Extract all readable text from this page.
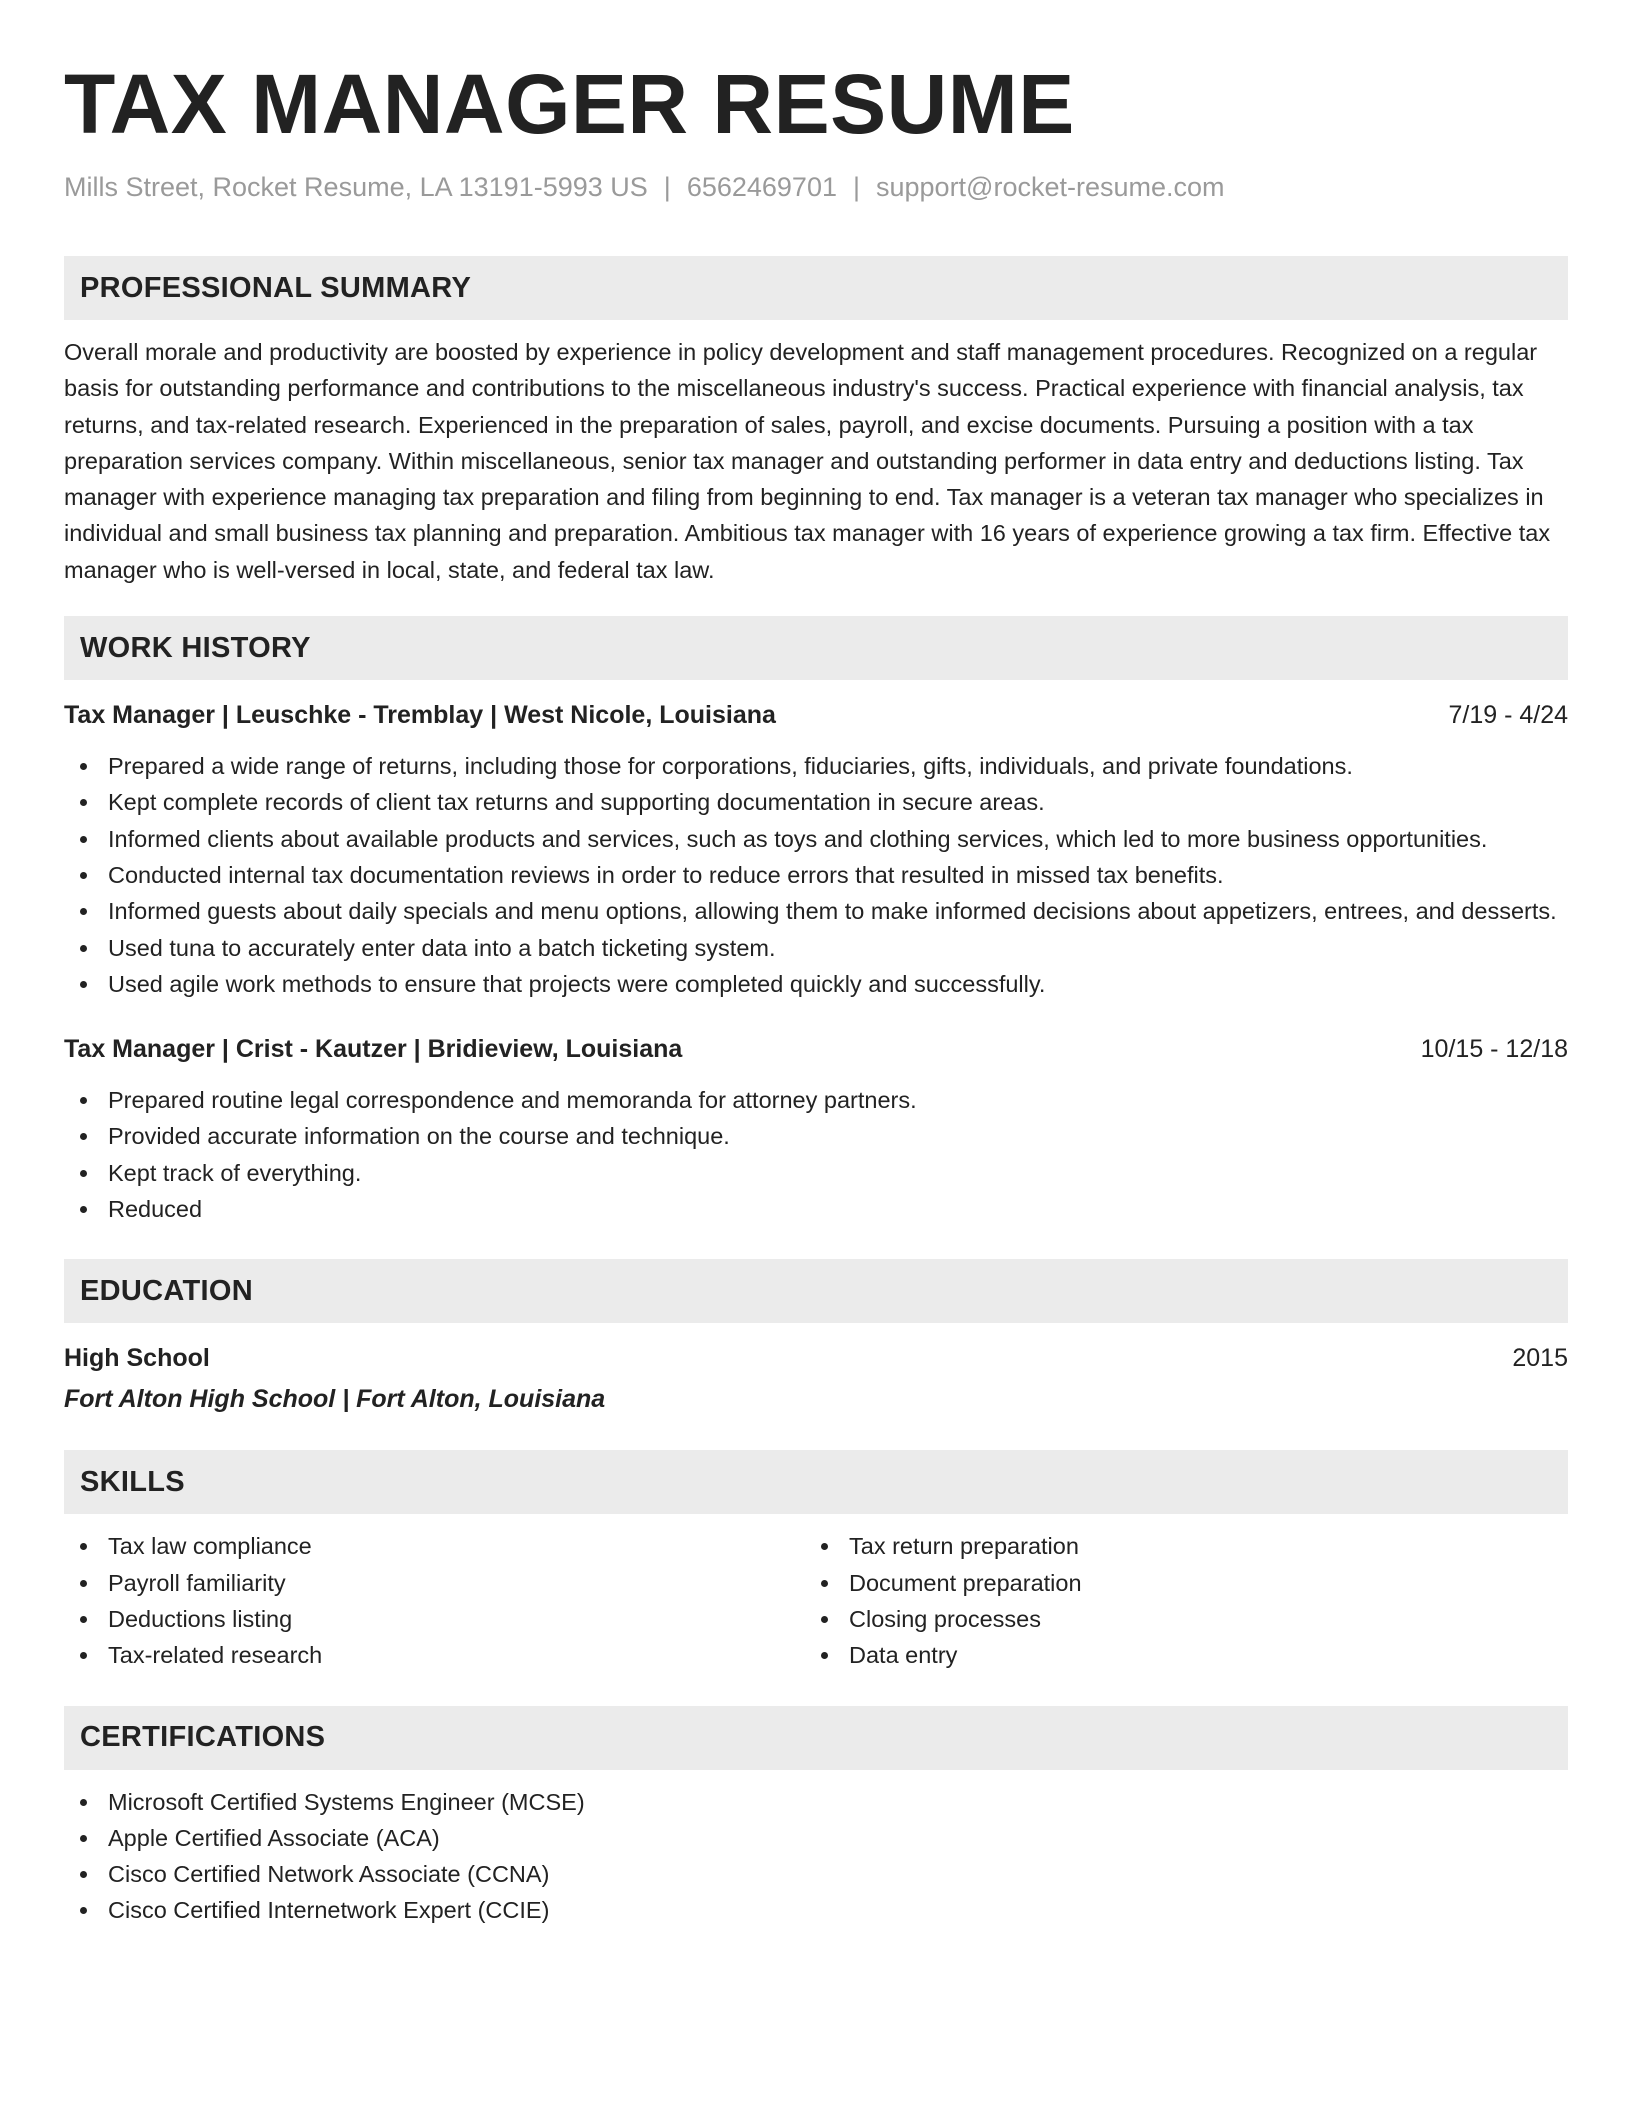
TAX MANAGER RESUME
Mills Street, Rocket Resume, LA 13191-5993 US | 6562469701 | support@rocket-resume.com
PROFESSIONAL SUMMARY

Overall morale and productivity are boosted by experience in policy development and staff management procedures. Recognized on a regular basis for outstanding performance and contributions to the miscellaneous industry's success. Practical experience with financial analysis, tax returns, and tax-related research. Experienced in the preparation of sales, payroll, and excise documents. Pursuing a position with a tax preparation services company. Within miscellaneous, senior tax manager and outstanding performer in data entry and deductions listing. Tax manager with experience managing tax preparation and filing from beginning to end. Tax manager is a veteran tax manager who specializes in individual and small business tax planning and preparation. Ambitious tax manager with 16 years of experience growing a tax firm. Effective tax manager who is well-versed in local, state, and federal tax law.

WORK HISTORY
Tax Manager | Leuschke - Tremblay | West Nicole, Louisiana	7/19 - 4/24
Prepared a wide range of returns, including those for corporations, fiduciaries, gifts, individuals, and private foundations.
Kept complete records of client tax returns and supporting documentation in secure areas.
Informed clients about available products and services, such as toys and clothing services, which led to more business opportunities.
Conducted internal tax documentation reviews in order to reduce errors that resulted in missed tax benefits.
Informed guests about daily specials and menu options, allowing them to make informed decisions about appetizers, entrees, and desserts.
Used tuna to accurately enter data into a batch ticketing system.
Used agile work methods to ensure that projects were completed quickly and successfully.
Tax Manager | Crist - Kautzer | Bridieview, Louisiana	10/15 - 12/18
Prepared routine legal correspondence and memoranda for attorney partners.
Provided accurate information on the course and technique.
Kept track of everything.
Reduced
EDUCATION
High School	2015
Fort Alton High School | Fort Alton, Louisiana
SKILLS
Tax law compliance
Payroll familiarity
Deductions listing
Tax-related research
Tax return preparation
Document preparation
Closing processes
Data entry
CERTIFICATIONS
Microsoft Certified Systems Engineer (MCSE)
Apple Certified Associate (ACA)
Cisco Certified Network Associate (CCNA)
Cisco Certified Internetwork Expert (CCIE)
